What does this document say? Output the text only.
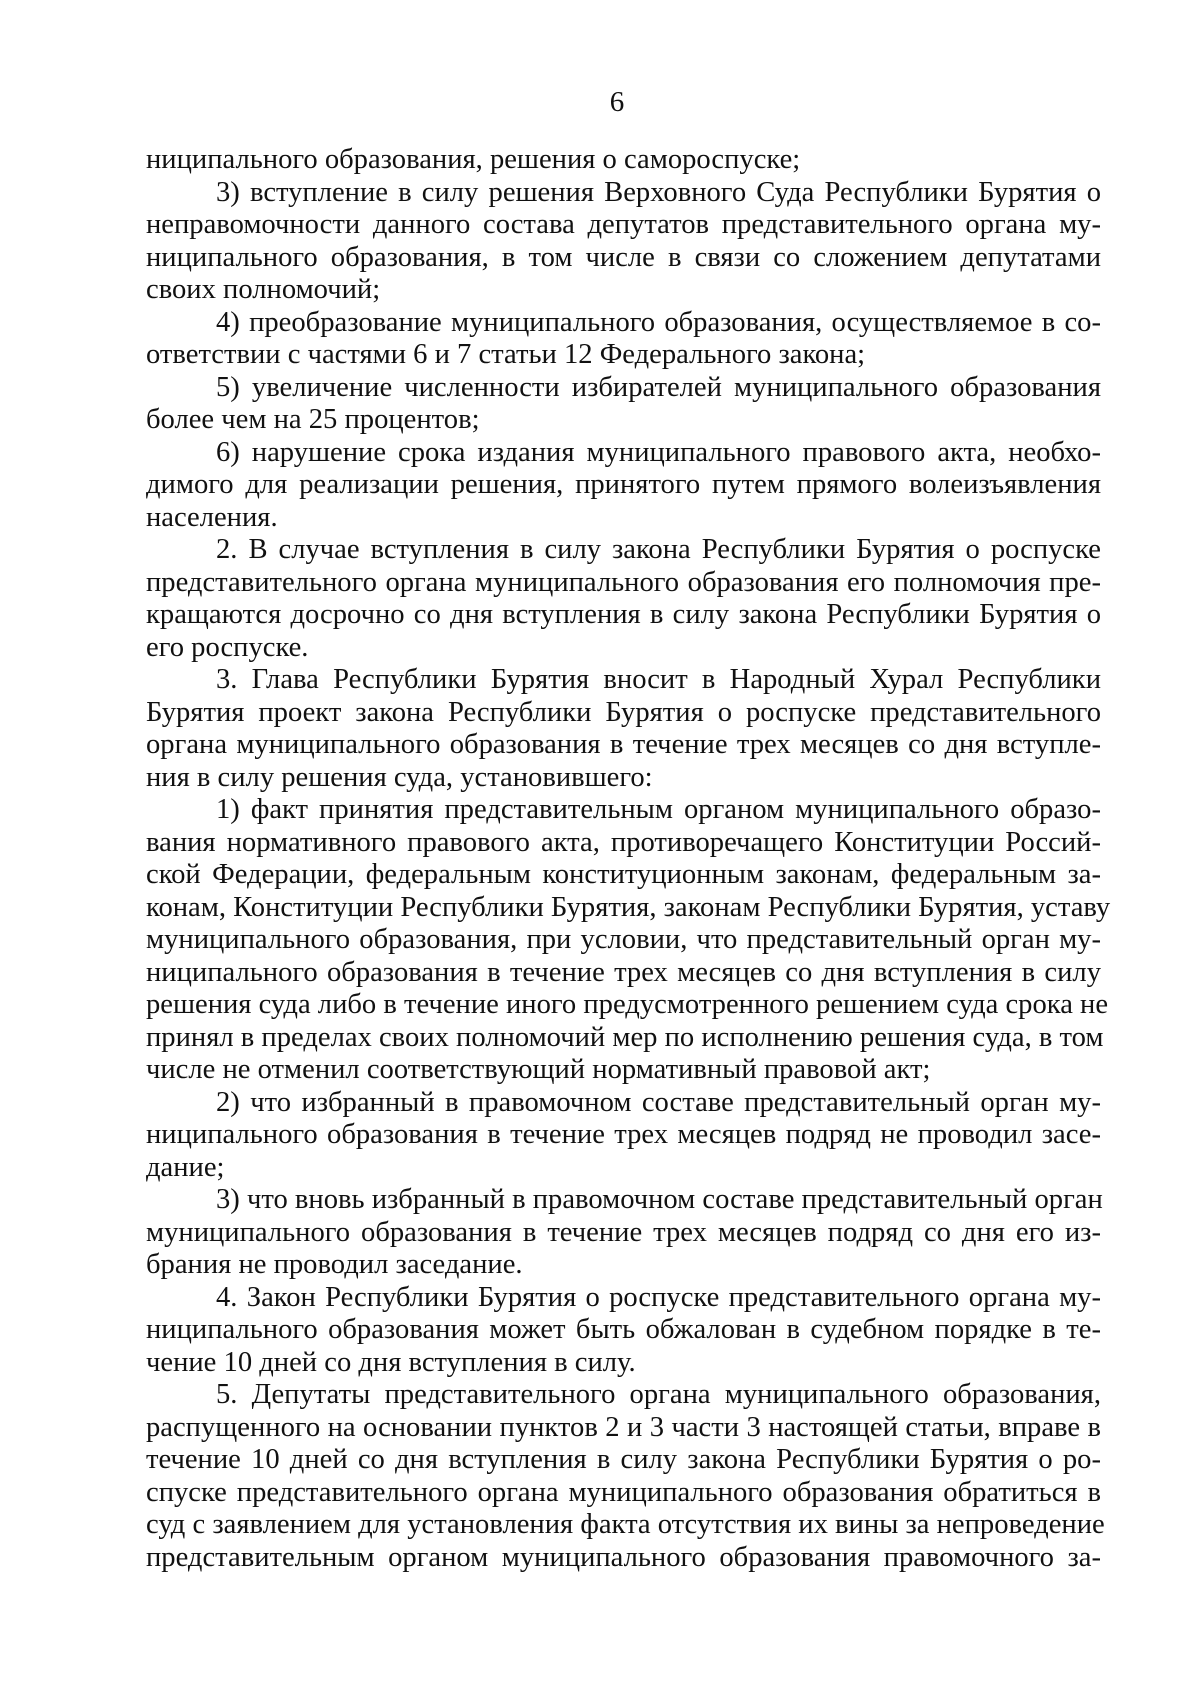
6
ниципального образования, решения о самороспуске;
3) вступление в силу решения Верховного Суда Республики Бурятия о
неправомочности данного состава депутатов представительного органа му-
ниципального образования, в том числе в связи со сложением депутатами
своих полномочий;
4) преобразование муниципального образования, осуществляемое в со-
ответствии с частями 6 и 7 статьи 12 Федерального закона;
5) увеличение численности избирателей муниципального образования
более чем на 25 процентов;
6) нарушение срока издания муниципального правового акта, необхо-
димого для реализации решения, принятого путем прямого волеизъявления
населения.
2. В случае вступления в силу закона Республики Бурятия о роспуске
представительного органа муниципального образования его полномочия пре-
кращаются досрочно со дня вступления в силу закона Республики Бурятия о
его роспуске.
3. Глава Республики Бурятия вносит в Народный Хурал Республики
Бурятия проект закона Республики Бурятия о роспуске представительного
органа муниципального образования в течение трех месяцев со дня вступле-
ния в силу решения суда, установившего:
1) факт принятия представительным органом муниципального образо-
вания нормативного правового акта, противоречащего Конституции Россий-
ской Федерации, федеральным конституционным законам, федеральным за-
конам, Конституции Республики Бурятия, законам Республики Бурятия, уставу
муниципального образования, при условии, что представительный орган му-
ниципального образования в течение трех месяцев со дня вступления в силу
решения суда либо в течение иного предусмотренного решением суда срока не
принял в пределах своих полномочий мер по исполнению решения суда, в том
числе не отменил соответствующий нормативный правовой акт;
2) что избранный в правомочном составе представительный орган му-
ниципального образования в течение трех месяцев подряд не проводил засе-
дание;
3) что вновь избранный в правомочном составе представительный орган
муниципального образования в течение трех месяцев подряд со дня его из-
брания не проводил заседание.
4. Закон Республики Бурятия о роспуске представительного органа му-
ниципального образования может быть обжалован в судебном порядке в те-
чение 10 дней со дня вступления в силу.
5. Депутаты представительного органа муниципального образования,
распущенного на основании пунктов 2 и 3 части 3 настоящей статьи, вправе в
течение 10 дней со дня вступления в силу закона Республики Бурятия о ро-
спуске представительного органа муниципального образования обратиться в
суд с заявлением для установления факта отсутствия их вины за непроведение
представительным органом муниципального образования правомочного за-
